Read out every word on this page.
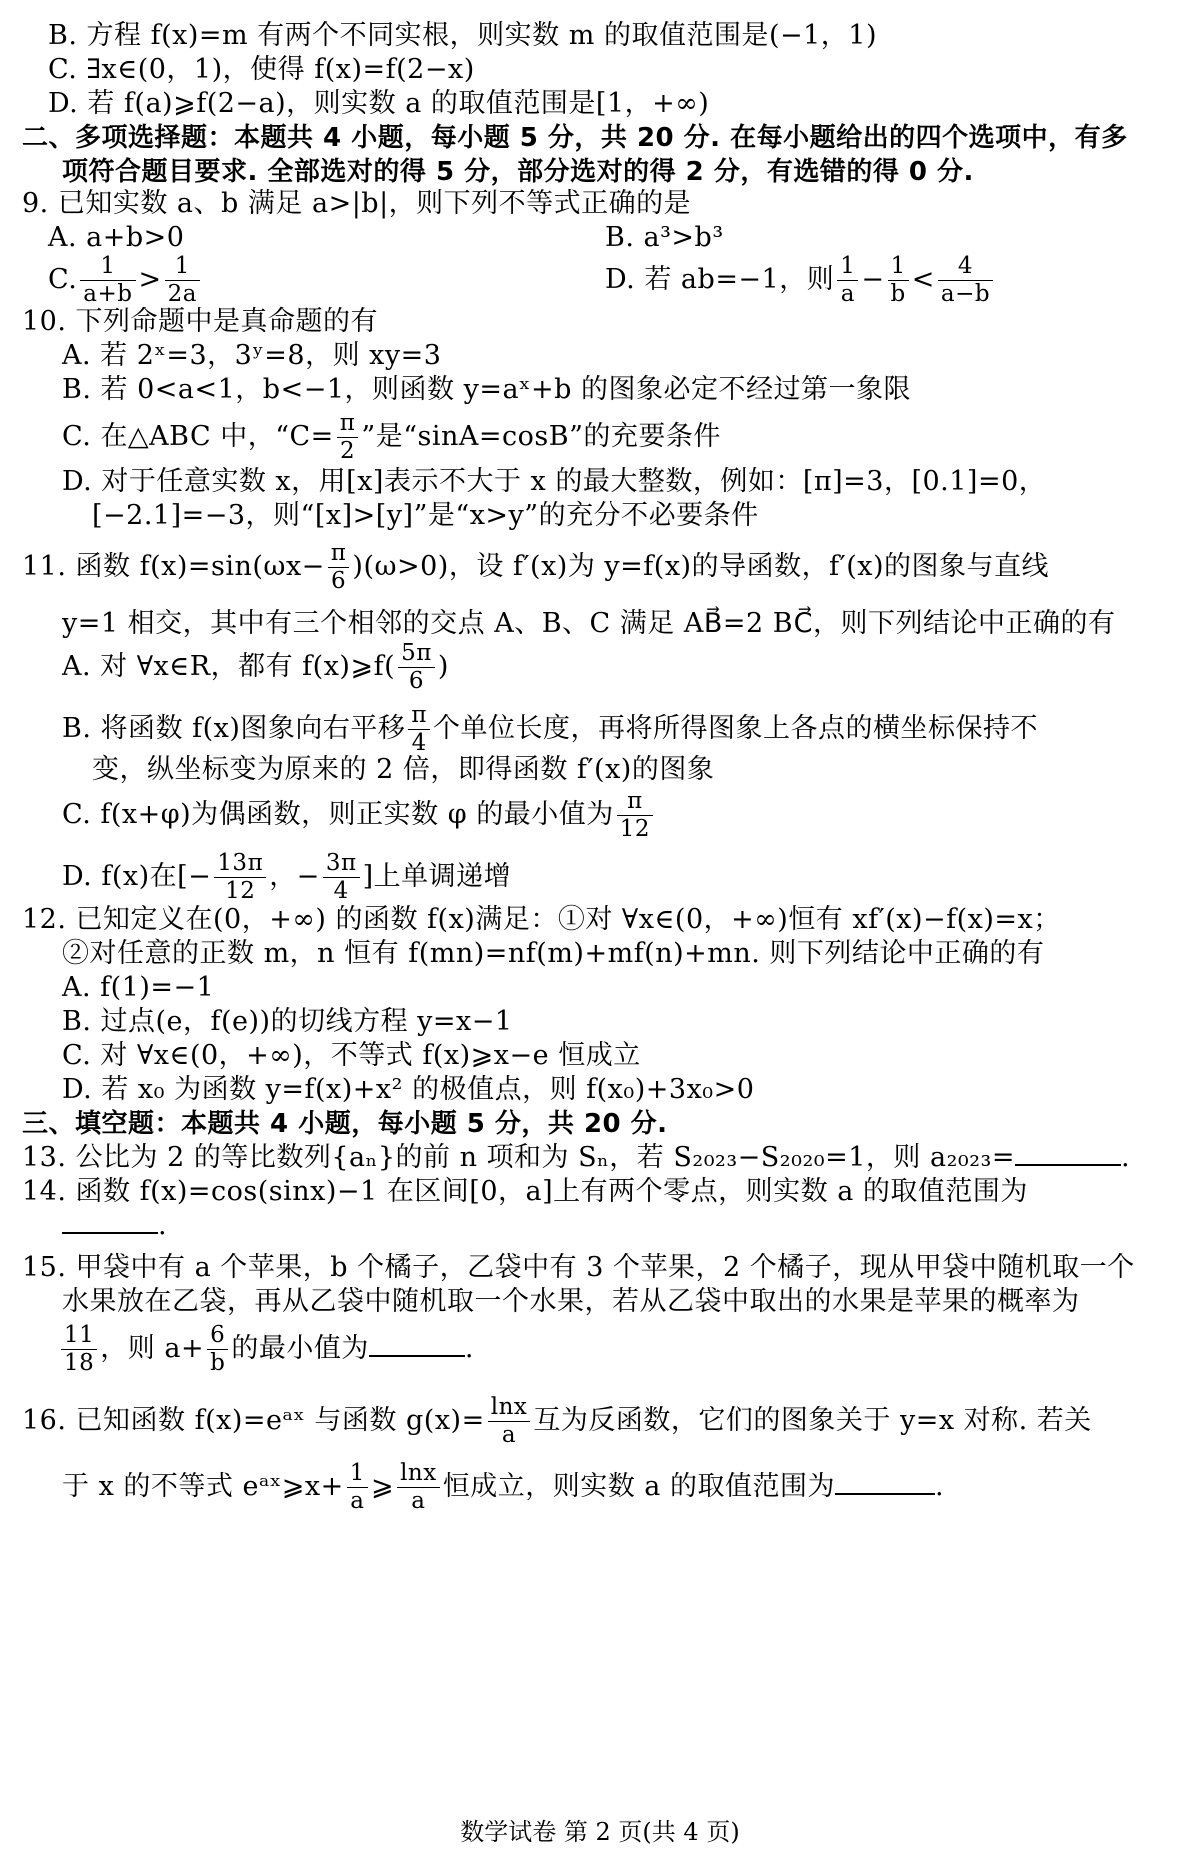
B. 方程 f(x)=m 有两个不同实根，则实数 m 的取值范围是(−1，1)
C. ∃x∈(0，1)，使得 f(x)=f(2−x)
D. 若 f(a)⩾f(2−a)，则实数 a 的取值范围是[1，+∞)
二、多项选择题：本题共 4 小题，每小题 5 分，共 20 分. 在每小题给出的四个选项中，有多
项符合题目要求. 全部选对的得 5 分，部分选对的得 2 分，有选错的得 0 分.
9. 已知实数 a、b 满足 a>|b|，则下列不等式正确的是
A. a+b>0	B. a³>b³
C. $\frac{1}{a+b} > \frac{1}{2a}$	D. 若 ab=−1，则 $\frac{1}{a} - \frac{1}{b} < \frac{4}{a-b}$
10. 下列命题中是真命题的有
A. 若 2ˣ=3，3ʸ=8，则 xy=3
B. 若 0<a<1，b<−1，则函数 y=aˣ+b 的图象必定不经过第一象限
C. 在△ABC 中，“$C= \frac{\pi}{2}$ ”是“sinA=cosB”的充要条件
D. 对于任意实数 x，用[x]表示不大于 x 的最大整数，例如：[π]=3，[0.1]=0，
[−2.1]=−3，则“[x]>[y]”是“x>y”的充分不必要条件
11. 函数 $f(x)=\sin(\omega x- \frac{\pi}{6} )(\omega>0)$，设 f′(x)为 y=f(x)的导函数，f′(x)的图象与直线
y=1 相交，其中有三个相邻的交点 A、B、C 满足 AB⃗=2 BC⃗，则下列结论中正确的有
A. 对 ∀x∈R，都有 f(x)⩾f( $\frac{5\pi}{6}$ )
B. 将函数 f(x)图象向右平移 $\frac{\pi}{4}$ 个单位长度，再将所得图象上各点的横坐标保持不
变，纵坐标变为原来的 2 倍，即得函数 f′(x)的图象
C. f(x+φ)为偶函数，则正实数 φ 的最小值为 $\frac{\pi}{12}$
D. f(x)在[− $\frac{13\pi}{12}$ ，− $\frac{3\pi}{4}$ ]上单调递增
12. 已知定义在(0，+∞) 的函数 f(x)满足：①对 ∀x∈(0，+∞)恒有 xf′(x)−f(x)=x；
②对任意的正数 m，n 恒有 f(mn)=nf(m)+mf(n)+mn. 则下列结论中正确的有
A. f(1)=−1
B. 过点(e，f(e))的切线方程 y=x−1
C. 对 ∀x∈(0，+∞)，不等式 f(x)⩾x−e 恒成立
D. 若 x₀ 为函数 y=f(x)+x² 的极值点，则 f(x₀)+3x₀>0
三、填空题：本题共 4 小题，每小题 5 分，共 20 分.
13. 公比为 2 的等比数列{aₙ}的前 n 项和为 Sₙ，若 S₂₀₂₃−S₂₀₂₀=1，则 a₂₀₂₃=	.
14. 函数 f(x)=cos(sinx)−1 在区间[0，a]上有两个零点，则实数 a 的取值范围为
.
15. 甲袋中有 a 个苹果，b 个橘子，乙袋中有 3 个苹果，2 个橘子，现从甲袋中随机取一个
水果放在乙袋，再从乙袋中随机取一个水果，若从乙袋中取出的水果是苹果的概率为
$\frac{11}{18}$ ，则 $a+ \frac{6}{b}$ 的最小值为	.
16. 已知函数 f(x)=eᵃˣ 与函数 $g(x)= \frac{\ln x}{a}$ 互为反函数，它们的图象关于 y=x 对称. 若关
于 x 的不等式 eᵃˣ⩾x+ $\frac{1}{a}$ ⩾ $\frac{\ln x}{a}$ 恒成立，则实数 a 的取值范围为	.
数学试卷 第 2 页(共 4 页)
